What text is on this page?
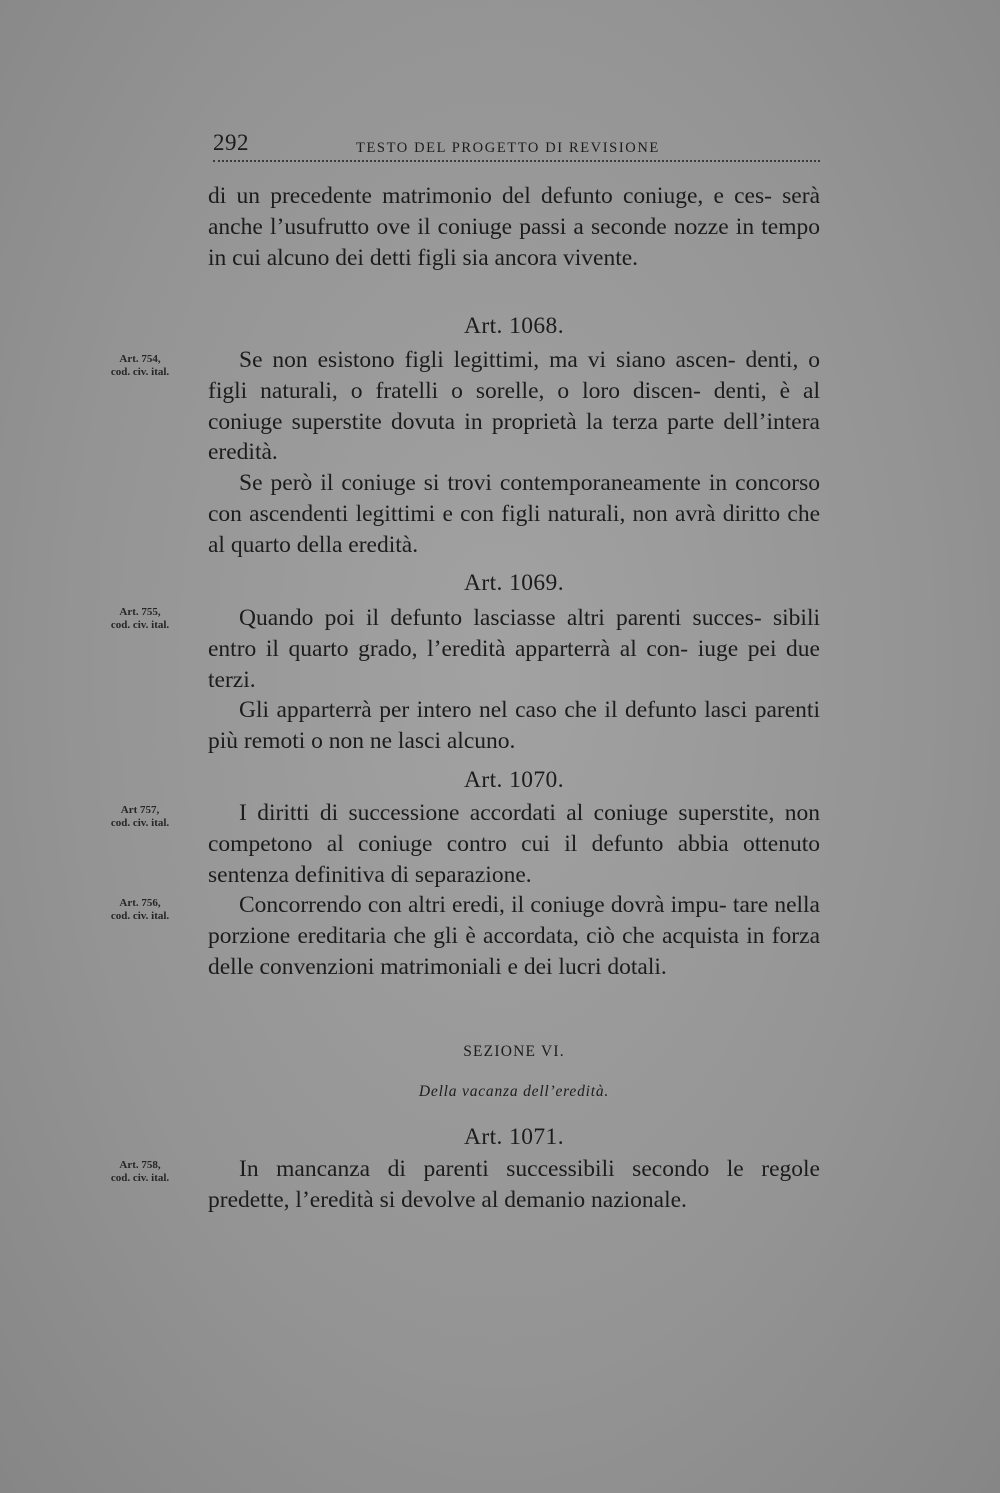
292	TESTO DEL PROGETTO DI REVISIONE

di un precedente matrimonio del defunto coniuge, e ces- serà anche l’usufrutto ove il coniuge passi a seconde nozze in tempo in cui alcuno dei detti figli sia ancora vivente.

Art. 1068.
Art. 754,
cod. civ. ital.	Se non esistono figli legittimi, ma vi siano ascen- denti, o figli naturali, o fratelli o sorelle, o loro discen- denti, è al coniuge superstite dovuta in proprietà la terza parte dell’intera eredità.

Se però il coniuge si trovi contemporaneamente in concorso con ascendenti legittimi e con figli naturali, non avrà diritto che al quarto della eredità.

Art. 1069.
Art. 755,
cod. civ. ital.	Quando poi il defunto lasciasse altri parenti succes- sibili entro il quarto grado, l’eredità apparterrà al con- iuge pei due terzi.

Gli apparterrà per intero nel caso che il defunto lasci parenti più remoti o non ne lasci alcuno.

Art. 1070.
Art 757,
cod. civ. ital.
Art. 756,
cod. civ. ital.

I diritti di successione accordati al coniuge superstite, non competono al coniuge contro cui il defunto abbia ottenuto sentenza definitiva di separazione.

Concorrendo con altri eredi, il coniuge dovrà impu- tare nella porzione ereditaria che gli è accordata, ciò che acquista in forza delle convenzioni matrimoniali e dei lucri dotali.

SEZIONE VI.
Della vacanza dell’eredità.
Art. 1071.
Art. 758,
cod. civ. ital.	In mancanza di parenti successibili secondo le regole predette, l’eredità si devolve al demanio nazionale.
